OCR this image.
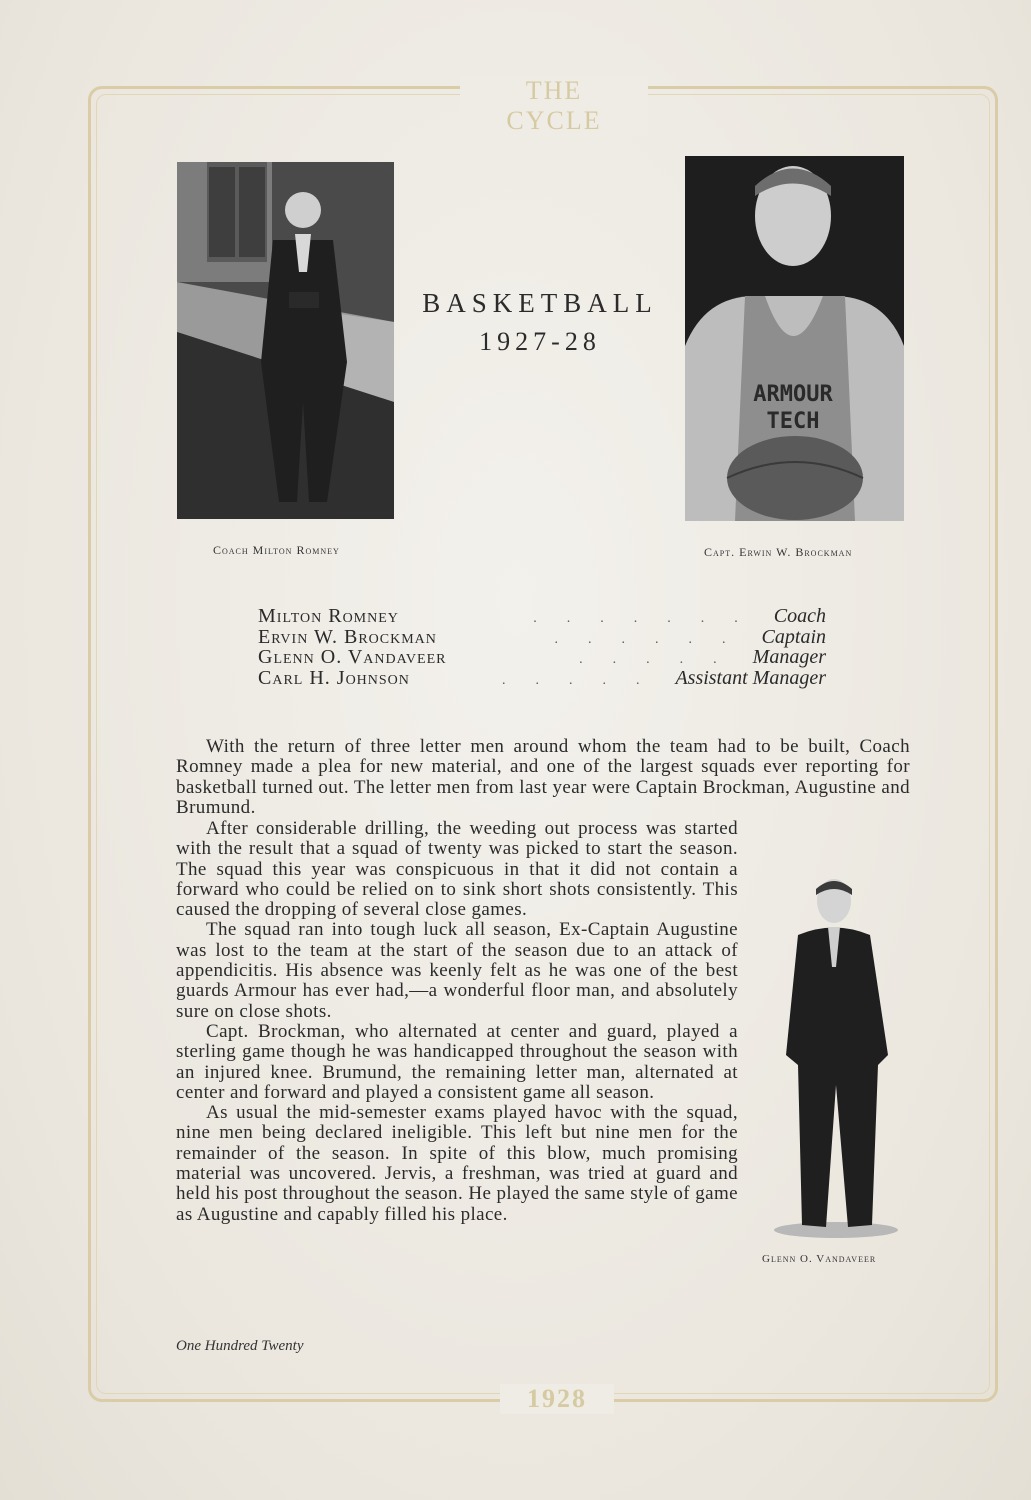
THE CYCLE
1928
ARMOUR
TECH
Coach Milton Romney	Capt. Erwin W. Brockman
BASKETBALL
1927-28
Milton Romney	....... Coach
Ervin W. Brockman	...... Captain
Glenn O. Vandaveer	..... Manager
Carl H. Johnson	..... Assistant Manager

With the return of three letter men around whom the team had to be built, Coach Romney made a plea for new material, and one of the largest squads ever reporting for basketball turned out. The letter men from last year were Captain Brockman, Augustine and Brumund.

After considerable drilling, the weeding out process was started with the result that a squad of twenty was picked to start the season. The squad this year was conspicuous in that it did not contain a forward who could be relied on to sink short shots consistently. This caused the dropping of several close games.

The squad ran into tough luck all season, Ex-Captain Augustine was lost to the team at the start of the season due to an attack of appendicitis. His absence was keenly felt as he was one of the best guards Armour has ever had,—a wonderful floor man, and absolutely sure on close shots.

Capt. Brockman, who alternated at center and guard, played a sterling game though he was handicapped throughout the season with an injured knee. Brumund, the remaining letter man, alternated at center and forward and played a consistent game all season.

As usual the mid-semester exams played havoc with the squad, nine men being declared ineligible. This left but nine men for the remainder of the season. In spite of this blow, much promising material was uncovered. Jervis, a freshman, was tried at guard and held his post throughout the season. He played the same style of game as Augustine and capably filled his place.

Glenn O. Vandaveer
One Hundred Twenty
